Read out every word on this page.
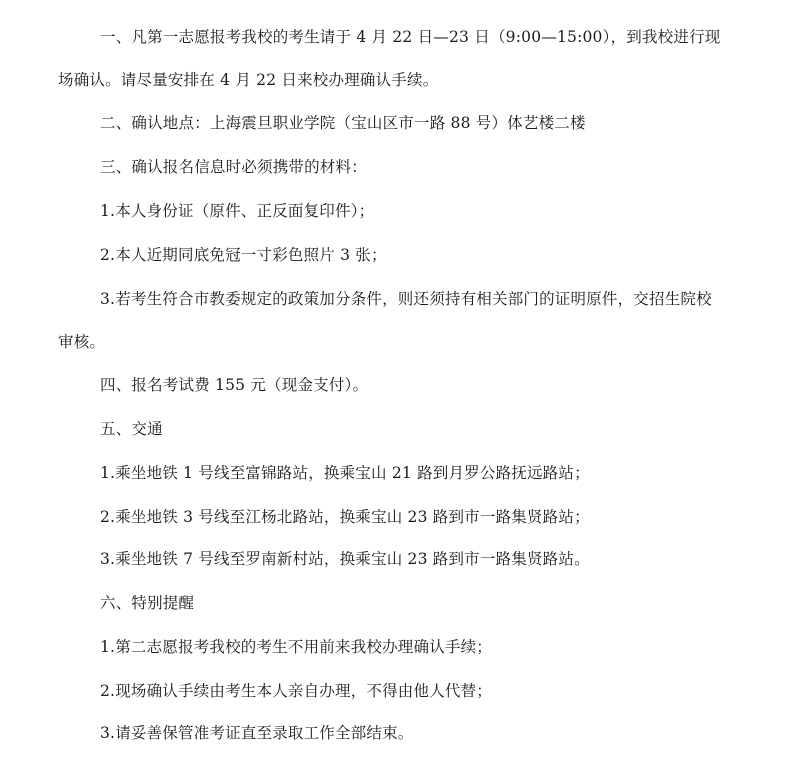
一、凡第一志愿报考我校的考生请于 4 月 22 日—23 日（9:00—15:00），到我校进行现
场确认。请尽量安排在 4 月 22 日来校办理确认手续。

二、确认地点：上海震旦职业学院（宝山区市一路 88 号）体艺楼二楼

三、确认报名信息时必须携带的材料：

1.本人身份证（原件、正反面复印件）；

2.本人近期同底免冠一寸彩色照片 3 张；

3.若考生符合市教委规定的政策加分条件，则还须持有相关部门的证明原件，交招生院校
审核。

四、报名考试费 155 元（现金支付）。

五、交通

1.乘坐地铁 1 号线至富锦路站，换乘宝山 21 路到月罗公路抚远路站；

2.乘坐地铁 3 号线至江杨北路站，换乘宝山 23 路到市一路集贤路站；

3.乘坐地铁 7 号线至罗南新村站，换乘宝山 23 路到市一路集贤路站。

六、特别提醒

1.第二志愿报考我校的考生不用前来我校办理确认手续；

2.现场确认手续由考生本人亲自办理，不得由他人代替；

3.请妥善保管准考证直至录取工作全部结束。
